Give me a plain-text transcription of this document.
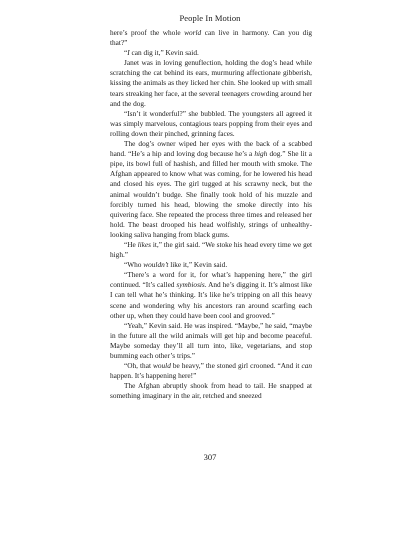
People In Motion

here’s proof the whole world can live in harmony. Can you dig that?”

“I can dig it,” Kevin said.

Janet was in loving genuflection, holding the dog’s head while scratching the cat behind its ears, murmuring affectionate gibberish, kissing the animals as they licked her chin. She looked up with small tears streaking her face, at the several teenagers crowding around her and the dog.

“Isn’t it wonderful?” she bubbled. The youngsters all agreed it was simply marvelous, contagious tears popping from their eyes and rolling down their pinched, grinning faces.

The dog’s owner wiped her eyes with the back of a scabbed hand. “He’s a hip and loving dog because he’s a high dog.” She lit a pipe, its bowl full of hashish, and filled her mouth with smoke. The Afghan appeared to know what was coming, for he lowered his head and closed his eyes. The girl tugged at his scrawny neck, but the animal wouldn’t budge. She finally took hold of his muzzle and forcibly turned his head, blowing the smoke directly into his quivering face. She repeated the process three times and released her hold. The beast drooped his head wolfishly, strings of unhealthy-looking saliva hanging from black gums.

“He likes it,” the girl said. “We stoke his head every time we get high.”

“Who wouldn’t like it,” Kevin said.

“There’s a word for it, for what’s happening here,” the girl continued. “It’s called symbiosis. And he’s digging it. It’s almost like I can tell what he’s thinking. It’s like he’s tripping on all this heavy scene and wondering why his ancestors ran around scarfing each other up, when they could have been cool and grooved.”

“Yeah,” Kevin said. He was inspired. “Maybe,” he said, “maybe in the future all the wild animals will get hip and become peaceful. Maybe someday they’ll all turn into, like, vegetarians, and stop bumming each other’s trips.”

“Oh, that would be heavy,” the stoned girl crooned. “And it can happen. It’s happening here!”

The Afghan abruptly shook from head to tail. He snapped at something imaginary in the air, retched and sneezed

307
